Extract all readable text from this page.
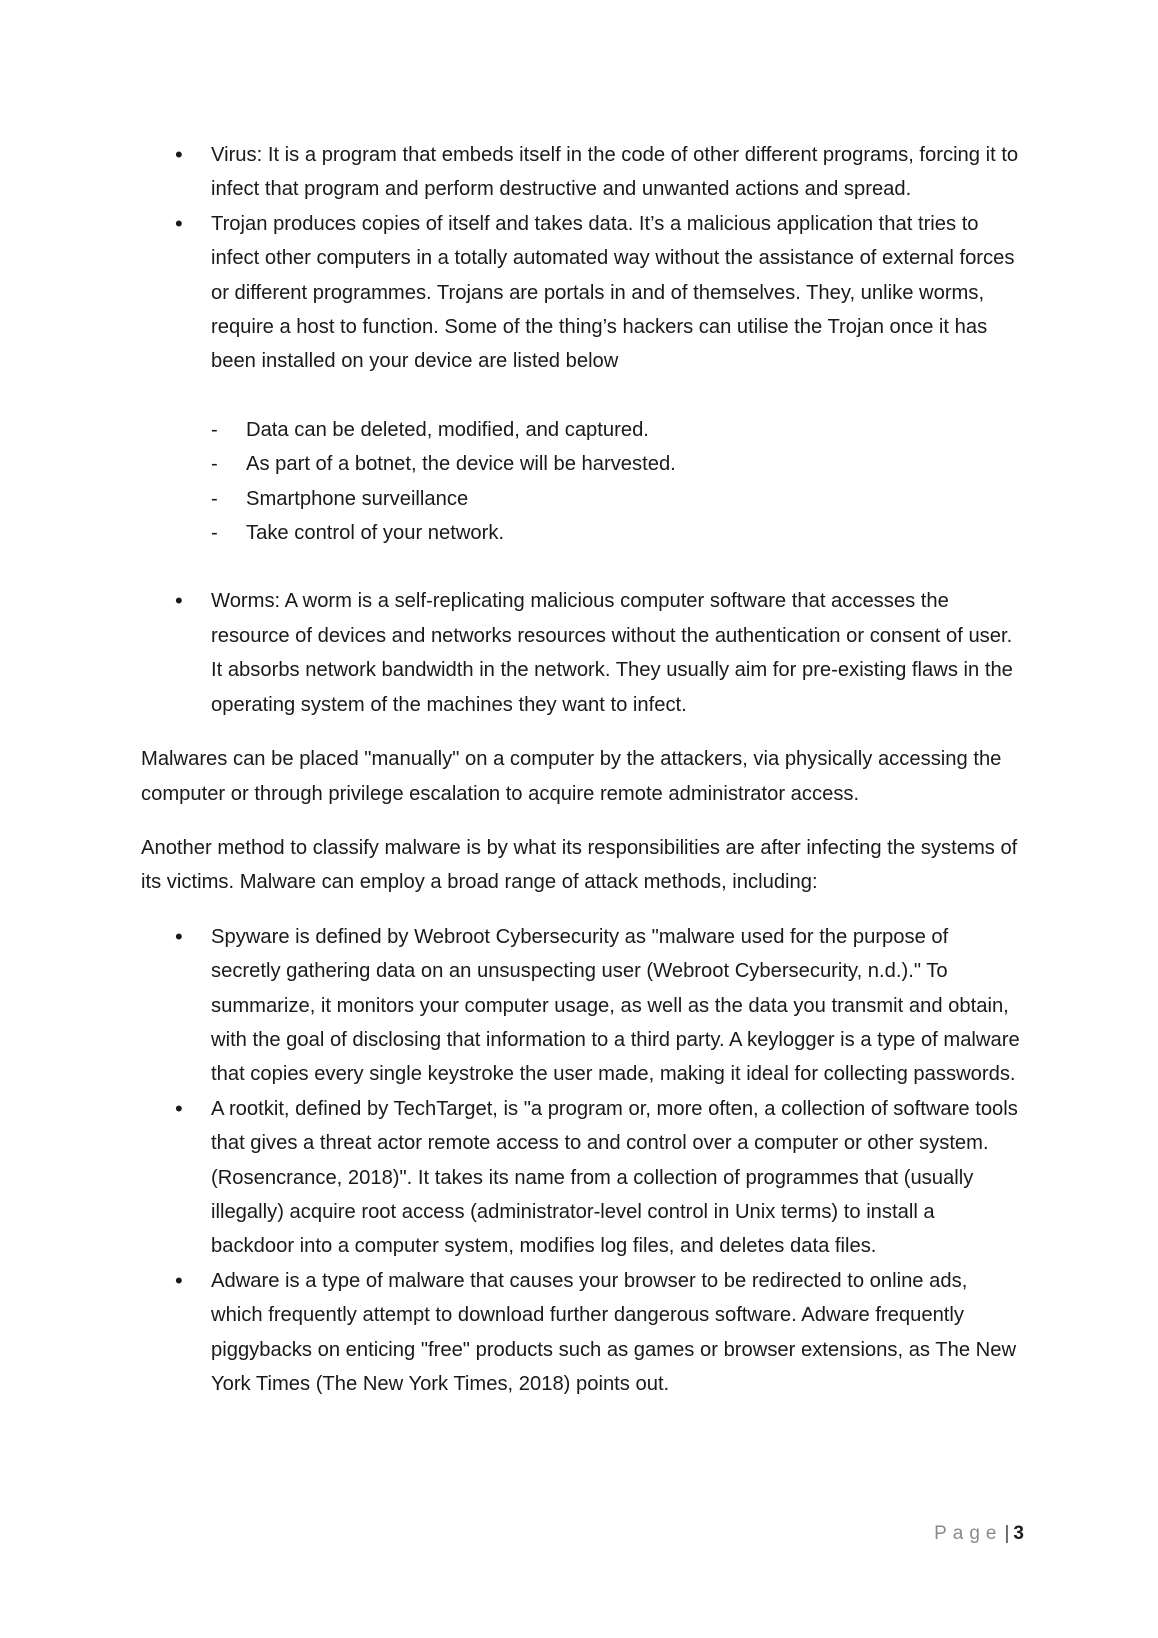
• Virus: It is a program that embeds itself in the code of other different programs, forcing it to infect that program and perform destructive and unwanted actions and spread.
• Trojan produces copies of itself and takes data. It’s a malicious application that tries to infect other computers in a totally automated way without the assistance of external forces or different programmes. Trojans are portals in and of themselves. They, unlike worms, require a host to function. Some of the thing’s hackers can utilise the Trojan once it has been installed on your device are listed below
- Data can be deleted, modified, and captured.
- As part of a botnet, the device will be harvested.
- Smartphone surveillance
- Take control of your network.
• Worms: A worm is a self-replicating malicious computer software that accesses the resource of devices and networks resources without the authentication or consent of user. It absorbs network bandwidth in the network. They usually aim for pre-existing flaws in the operating system of the machines they want to infect.

Malwares can be placed "manually" on a computer by the attackers, via physically accessing the computer or through privilege escalation to acquire remote administrator access.

Another method to classify malware is by what its responsibilities are after infecting the systems of its victims. Malware can employ a broad range of attack methods, including:

• Spyware is defined by Webroot Cybersecurity as "malware used for the purpose of secretly gathering data on an unsuspecting user (Webroot Cybersecurity, n.d.)." To summarize, it monitors your computer usage, as well as the data you transmit and obtain, with the goal of disclosing that information to a third party. A keylogger is a type of malware that copies every single keystroke the user made, making it ideal for collecting passwords.
• A rootkit, defined by TechTarget, is "a program or, more often, a collection of software tools that gives a threat actor remote access to and control over a computer or other system. (Rosencrance, 2018)". It takes its name from a collection of programmes that (usually illegally) acquire root access (administrator-level control in Unix terms) to install a backdoor into a computer system, modifies log files, and deletes data files.
• Adware is a type of malware that causes your browser to be redirected to online ads, which frequently attempt to download further dangerous software. Adware frequently piggybacks on enticing "free" products such as games or browser extensions, as The New York Times (The New York Times, 2018) points out.
Page | 3
